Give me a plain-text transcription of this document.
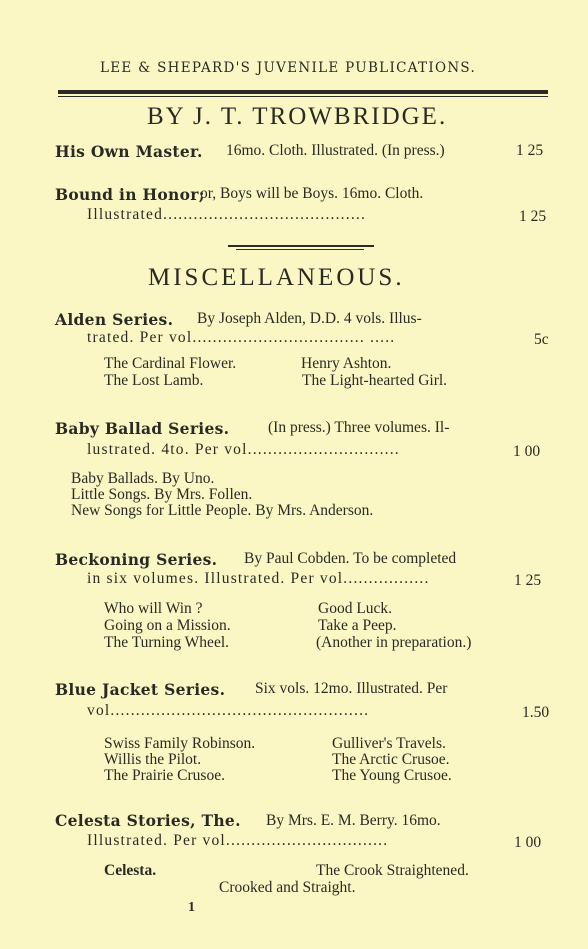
LEE & SHEPARD'S JUVENILE PUBLICATIONS.
BY J. T. TROWBRIDGE.
His Own Master. 16mo. Cloth. Illustrated. (In press.)	1 25
Bound in Honor;
or, Boys will be Boys. 16mo. Cloth.
Illustrated........................................	1 25
MISCELLANEOUS.
Alden Series. By Joseph Alden, D.D. 4 vols. Illus-
trated. Per vol.................................. .....	5c
The Cardinal Flower.	Henry Ashton.
The Lost Lamb.	The Light-hearted Girl.
Baby Ballad Series. (In press.) Three volumes. Il-
lustrated. 4to. Per vol..............................	1 00
Baby Ballads. By Uno.
Little Songs. By Mrs. Follen.
New Songs for Little People. By Mrs. Anderson.
Beckoning Series. By Paul Cobden. To be completed
in six volumes. Illustrated. Per vol.................	1 25
Who will Win ?	Good Luck.
Going on a Mission.	Take a Peep.
The Turning Wheel.	(Another in preparation.)
Blue Jacket Series. Six vols. 12mo. Illustrated. Per
vol...................................................	1.50
Swiss Family Robinson.	Gulliver's Travels.
Willis the Pilot.	The Arctic Crusoe.
The Prairie Crusoe.	The Young Crusoe.
Celesta Stories, The. By Mrs. E. M. Berry. 16mo.
Illustrated. Per vol................................	1 00
Celesta.	The Crook Straightened.
Crooked and Straight.
1
